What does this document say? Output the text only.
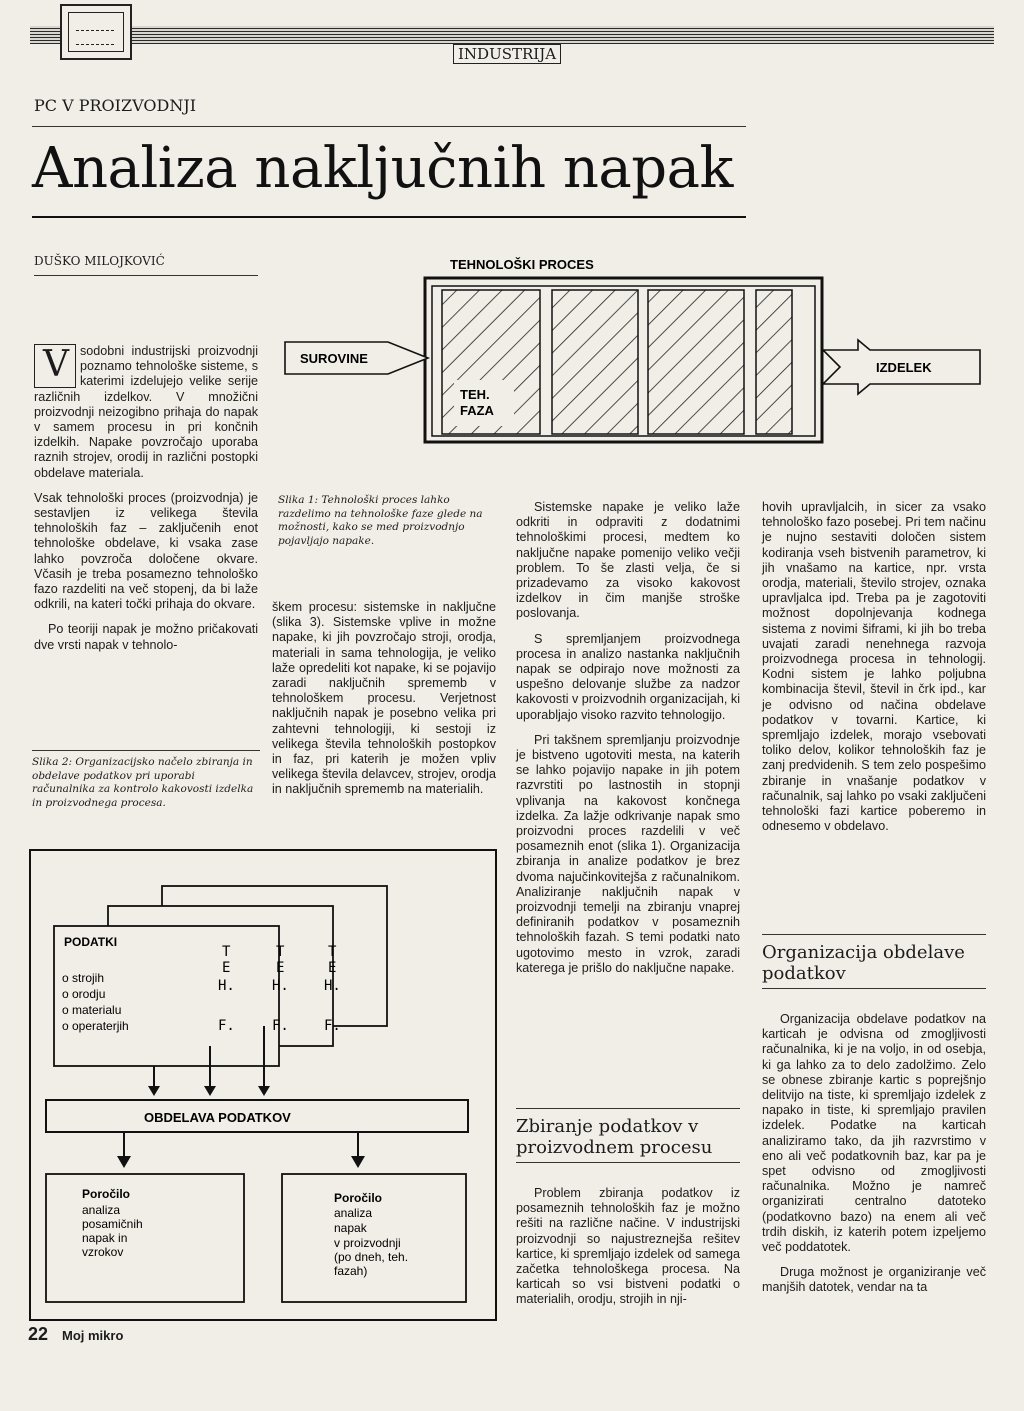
INDUSTRIJA
PC V PROIZVODNJI
Analiza naključnih napak
DUŠKO MILOJKOVIĆ	TEHNOLOŠKI PROCES
TEH.
FAZA
SUROVINE
IZDELEK
Slika 1: Tehnološki proces lahko razdelimo na tehnološke faze glede na možnosti, kako se med proizvodnjo pojavljajo napake.
V sodobni industrijski proizvodnji poznamo tehnološke sisteme, s katerimi izdelujejo velike serije različnih izdelkov. V množični proizvodnji neizogibno prihaja do napak v samem procesu in pri končnih izdelkih. Napake povzročajo uporaba raznih strojev, orodij in različni postopki obdelave materiala.

Vsak tehnološki proces (proizvodnja) je sestavljen iz velikega števila tehnoloških faz – zaključenih enot tehnološke obdelave, ki vsaka zase lahko povzroča določene okvare. Včasih je treba posamezno tehnološko fazo razdeliti na več stopenj, da bi laže odkrili, na kateri točki prihaja do okvare.

Po teoriji napak je možno pričakovati dve vrsti napak v tehnolo-

Slika 2: Organizacijsko načelo zbiranja in obdelave podatkov pri uporabi računalnika za kontrolo kakovosti izdelka in proizvodnega procesa.

škem procesu: sistemske in naključne (slika 3). Sistemske vplive in možne napake, ki jih povzročajo stroji, orodja, materiali in sama tehnologija, je veliko laže opredeliti kot napake, ki se pojavijo zaradi naključnih sprememb v tehnološkem procesu. Verjetnost naključnih napak je posebno velika pri zahtevni tehnologiji, ki sestoji iz velikega števila tehnoloških postopkov in faz, pri katerih je možen vpliv velikega števila delavcev, strojev, orodja in naključnih sprememb na materialih.

PODATKI
o strojih
o orodju
o materialu
o operaterjih
T
E
H.
F.
T
E
H.
F.
T
E
H.
F.
OBDELAVA PODATKOV
Poročilo
analiza
posamičnih
napak in
vzrokov
Poročilo
analiza
napak
v proizvodnji
(po dneh, teh.
fazah)

Sistemske napake je veliko laže odkriti in odpraviti z dodatnimi tehnološkimi procesi, medtem ko naključne napake pomenijo veliko večji problem. To še zlasti velja, če si prizadevamo za visoko kakovost izdelkov in čim manjše stroške poslovanja.

S spremljanjem proizvodnega procesa in analizo nastanka naključnih napak se odpirajo nove možnosti za uspešno delovanje službe za nadzor kakovosti v proizvodnih organizacijah, ki uporabljajo visoko razvito tehnologijo.

Pri takšnem spremljanju proizvodnje je bistveno ugotoviti mesta, na katerih se lahko pojavijo napake in jih potem razvrstiti po lastnostih in stopnji vplivanja na kakovost končnega izdelka. Za lažje odkrivanje napak smo proizvodni proces razdelili v več posameznih enot (slika 1). Organizacija zbiranja in analize podatkov je brez dvoma najučinkovitejša z računalnikom. Analiziranje naključnih napak v proizvodnji temelji na zbiranju vnaprej definiranih podatkov v posameznih tehnoloških fazah. S temi podatki nato ugotovimo mesto in vzrok, zaradi katerega je prišlo do naključne napake.

Zbiranje podatkov v proizvodnem procesu

Problem zbiranja podatkov iz posameznih tehnoloških faz je možno rešiti na različne načine. V industrijski proizvodnji so najustreznejša rešitev kartice, ki spremljajo izdelek od samega začetka tehnološkega procesa. Na karticah so vsi bistveni podatki o materialih, orodju, strojih in nji-

hovih upravljalcih, in sicer za vsako tehnološko fazo posebej. Pri tem načinu je nujno sestaviti določen sistem kodiranja vseh bistvenih parametrov, ki jih vnašamo na kartice, npr. vrsta orodja, materiali, število strojev, oznaka upravljalca ipd. Treba pa je zagotoviti možnost dopolnjevanja kodnega sistema z novimi šiframi, ki jih bo treba uvajati zaradi nenehnega razvoja proizvodnega procesa in tehnologij. Kodni sistem je lahko poljubna kombinacija števil, števil in črk ipd., kar je odvisno od načina obdelave podatkov v tovarni. Kartice, ki spremljajo izdelek, morajo vsebovati toliko delov, kolikor tehnoloških faz je zanj predvidenih. S tem zelo pospešimo zbiranje in vnašanje podatkov v računalnik, saj lahko po vsaki zaključeni tehnološki fazi kartice poberemo in odnesemo v obdelavo.

Organizacija obdelave podatkov

Organizacija obdelave podatkov na karticah je odvisna od zmogljivosti računalnika, ki je na voljo, in od osebja, ki ga lahko za to delo zadolžimo. Zelo se obnese zbiranje kartic s poprejšnjo delitvijo na tiste, ki spremljajo izdelek z napako in tiste, ki spremljajo pravilen izdelek. Podatke na karticah analiziramo tako, da jih razvrstimo v eno ali več podatkovnih baz, kar pa je spet odvisno od zmogljivosti računalnika. Možno je namreč organizirati centralno datoteko (podatkovno bazo) na enem ali več trdih diskih, iz katerih potem izpeljemo več poddatotek.

Druga možnost je organiziranje več manjših datotek, vendar na ta

22 Moj mikro
